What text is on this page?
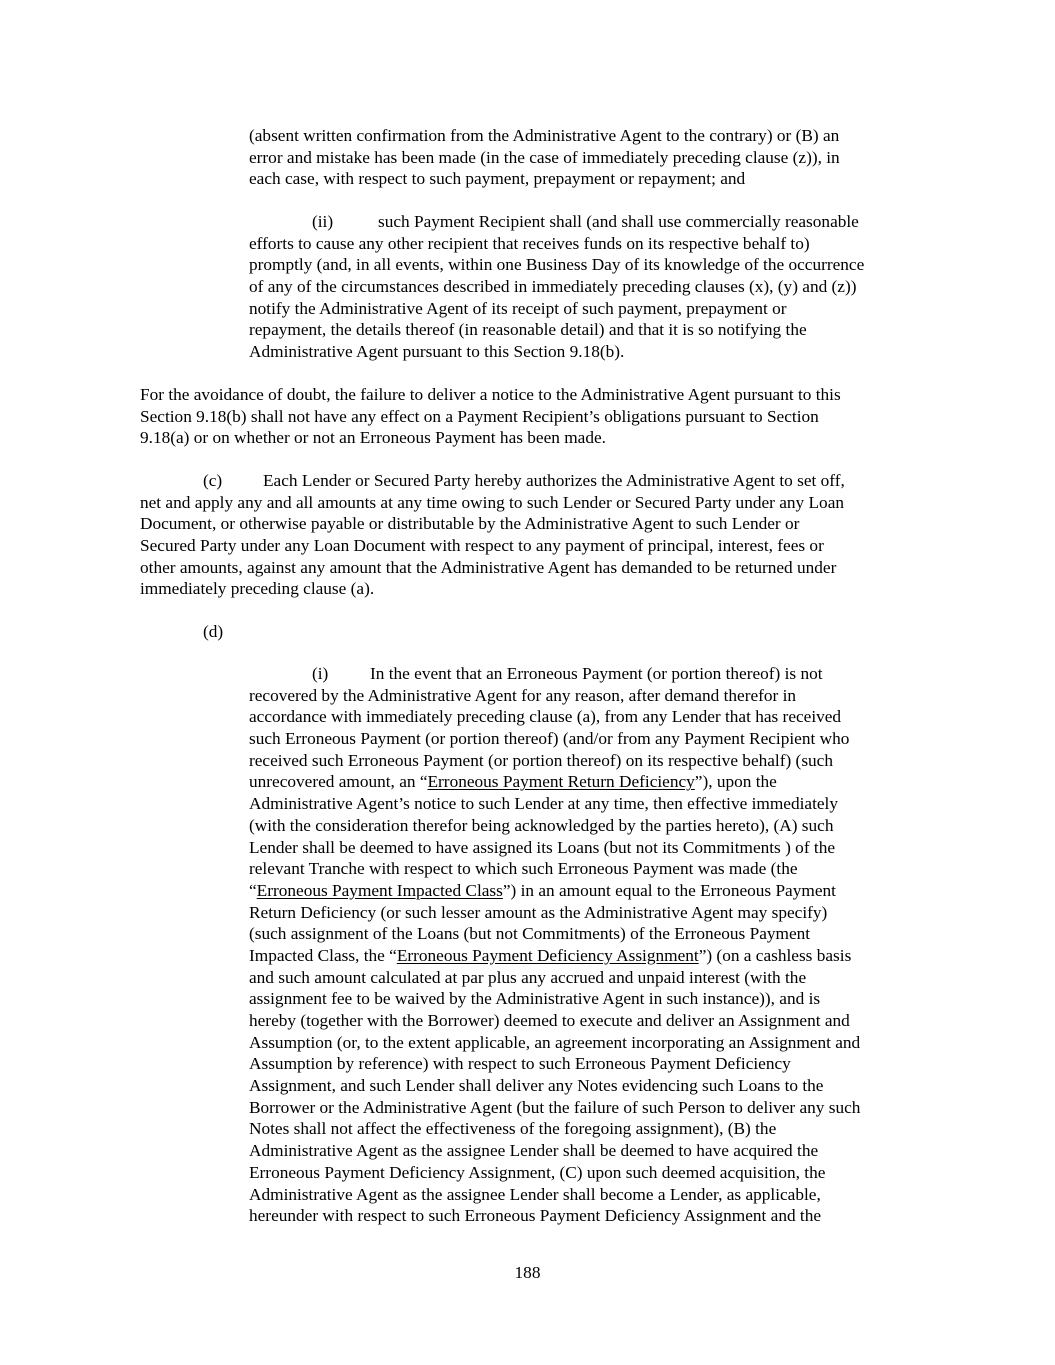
(absent written confirmation from the Administrative Agent to the contrary) or (B) an
error and mistake has been made (in the case of immediately preceding clause (z)), in
each case, with respect to such payment, prepayment or repayment; and
(ii)	such Payment Recipient shall (and shall use commercially reasonable
efforts to cause any other recipient that receives funds on its respective behalf to)
promptly (and, in all events, within one Business Day of its knowledge of the occurrence
of any of the circumstances described in immediately preceding clauses (x), (y) and (z))
notify the Administrative Agent of its receipt of such payment, prepayment or
repayment, the details thereof (in reasonable detail) and that it is so notifying the
Administrative Agent pursuant to this Section 9.18(b).
For the avoidance of doubt, the failure to deliver a notice to the Administrative Agent pursuant to this
Section 9.18(b) shall not have any effect on a Payment Recipient’s obligations pursuant to Section
9.18(a) or on whether or not an Erroneous Payment has been made.
(c) Each Lender or Secured Party hereby authorizes the Administrative Agent to set off,
net and apply any and all amounts at any time owing to such Lender or Secured Party under any Loan
Document, or otherwise payable or distributable by the Administrative Agent to such Lender or
Secured Party under any Loan Document with respect to any payment of principal, interest, fees or
other amounts, against any amount that the Administrative Agent has demanded to be returned under
immediately preceding clause (a).
(d)
(i) In the event that an Erroneous Payment (or portion thereof) is not
recovered by the Administrative Agent for any reason, after demand therefor in
accordance with immediately preceding clause (a), from any Lender that has received
such Erroneous Payment (or portion thereof) (and/or from any Payment Recipient who
received such Erroneous Payment (or portion thereof) on its respective behalf) (such
unrecovered amount, an “Erroneous Payment Return Deficiency”), upon the
Administrative Agent’s notice to such Lender at any time, then effective immediately
(with the consideration therefor being acknowledged by the parties hereto), (A) such
Lender shall be deemed to have assigned its Loans (but not its Commitments ) of the
relevant Tranche with respect to which such Erroneous Payment was made (the
“Erroneous Payment Impacted Class”) in an amount equal to the Erroneous Payment
Return Deficiency (or such lesser amount as the Administrative Agent may specify)
(such assignment of the Loans (but not Commitments) of the Erroneous Payment
Impacted Class, the “Erroneous Payment Deficiency Assignment”) (on a cashless basis
and such amount calculated at par plus any accrued and unpaid interest (with the
assignment fee to be waived by the Administrative Agent in such instance)), and is
hereby (together with the Borrower) deemed to execute and deliver an Assignment and
Assumption (or, to the extent applicable, an agreement incorporating an Assignment and
Assumption by reference) with respect to such Erroneous Payment Deficiency
Assignment, and such Lender shall deliver any Notes evidencing such Loans to the
Borrower or the Administrative Agent (but the failure of such Person to deliver any such
Notes shall not affect the effectiveness of the foregoing assignment), (B) the
Administrative Agent as the assignee Lender shall be deemed to have acquired the
Erroneous Payment Deficiency Assignment, (C) upon such deemed acquisition, the
Administrative Agent as the assignee Lender shall become a Lender, as applicable,
hereunder with respect to such Erroneous Payment Deficiency Assignment and the
188
